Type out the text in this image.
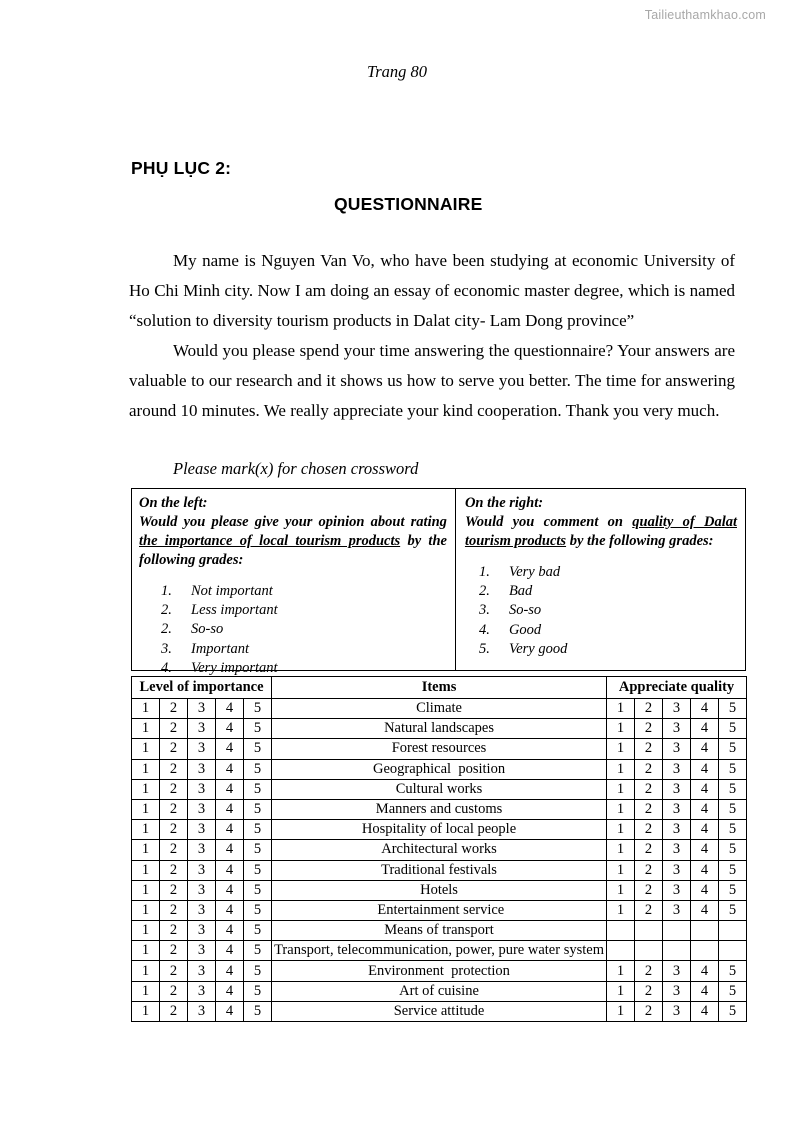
Tailieuthamkhao.com
Trang 80
PHỤ LỤC 2:
QUESTIONNAIRE

My name is Nguyen Van Vo, who have been studying at economic University of Ho Chi Minh city. Now I am doing an essay of economic master degree, which is named “solution to diversity tourism products in Dalat city- Lam Dong province”

Would you please spend your time answering the questionnaire? Your answers are valuable to our research and it shows us how to serve you better. The time for answering around 10 minutes. We really appreciate your kind cooperation. Thank you very much.

Please mark(x) for chosen crossword
On the left:
Would you please give your opinion about rating the importance of local tourism products by the following grades:
1.	Not important
2.	Less important
2.	So-so
3.	Important
4.	Very important
On the right:
Would you comment on quality of Dalat tourism products by the following grades:
1.	Very bad
2.	Bad
3.	So-so
4.	Good
5.	Very good
Level of importance					Items	Appreciate quality				
1	2	3	4	5	Climate	1	2	3	4	5
1	2	3	4	5	Natural landscapes	1	2	3	4	5
1	2	3	4	5	Forest resources	1	2	3	4	5
1	2	3	4	5	Geographical  position	1	2	3	4	5
1	2	3	4	5	Cultural works	1	2	3	4	5
1	2	3	4	5	Manners and customs	1	2	3	4	5
1	2	3	4	5	Hospitality of local people	1	2	3	4	5
1	2	3	4	5	Architectural works	1	2	3	4	5
1	2	3	4	5	Traditional festivals	1	2	3	4	5
1	2	3	4	5	Hotels	1	2	3	4	5
1	2	3	4	5	Entertainment service	1	2	3	4	5
1	2	3	4	5	Means of transport					
1	2	3	4	5	Transport, telecommunication, power, pure water system					
1	2	3	4	5	Environment  protection	1	2	3	4	5
1	2	3	4	5	Art of cuisine	1	2	3	4	5
1	2	3	4	5	Service attitude	1	2	3	4	5
